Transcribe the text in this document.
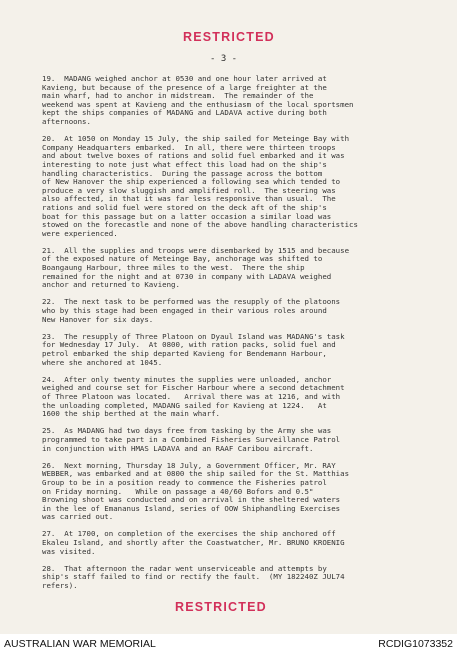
RESTRICTED
- 3 -

19.  MADANG weighed anchor at 0530 and one hour later arrived at
Kavieng, but because of the presence of a large freighter at the
main wharf, had to anchor in midstream.  The remainder of the
weekend was spent at Kavieng and the enthusiasm of the local sportsmen
kept the ships companies of MADANG and LADAVA active during both
afternoons.

20.  At 1050 on Monday 15 July, the ship sailed for Meteinge Bay with
Company Headquarters embarked.  In all, there were thirteen troops
and about twelve boxes of rations and solid fuel embarked and it was
interesting to note just what effect this load had on the ship's
handling characteristics.  During the passage across the bottom
of New Hanover the ship experienced a following sea which tended to
produce a very slow sluggish and amplified roll.  The steering was
also affected, in that it was far less responsive than usual.  The
rations and solid fuel were stored on the deck aft of the ship's
boat for this passage but on a latter occasion a similar load was
stowed on the forecastle and none of the above handling characteristics
were experienced.

21.  All the supplies and troops were disembarked by 1515 and because
of the exposed nature of Meteinge Bay, anchorage was shifted to
Boangaung Harbour, three miles to the west.  There the ship
remained for the night and at 0730 in company with LADAVA weighed
anchor and returned to Kavieng.

22.  The next task to be performed was the resupply of the platoons
who by this stage had been engaged in their various roles around
New Hanover for six days.

23.  The resupply of Three Platoon on Dyaul Island was MADANG's task
for Wednesday 17 July.  At 0800, with ration packs, solid fuel and
petrol embarked the ship departed Kavieng for Bendemann Harbour,
where she anchored at 1045.

24.  After only twenty minutes the supplies were unloaded, anchor
weighed and course set for Fischer Harbour where a second detachment
of Three Platoon was located.   Arrival there was at 1216, and with
the unloading completed, MADANG sailed for Kavieng at 1224.   At
1600 the ship berthed at the main wharf.

25.  As MADANG had two days free from tasking by the Army she was
programmed to take part in a Combined Fisheries Surveillance Patrol
in conjunction with HMAS LADAVA and an RAAF Caribou aircraft.

26.  Next morning, Thursday 18 July, a Government Officer, Mr. RAY
WEBBER, was embarked and at 0800 the ship sailed for the St. Matthias
Group to be in a position ready to commence the Fisheries patrol
on Friday morning.   While on passage a 40/60 Bofors and 0.5"
Browning shoot was conducted and on arrival in the sheltered waters
in the lee of Emananus Island, series of OOW Shiphandling Exercises
was carried out.

27.  At 1700, on completion of the exercises the ship anchored off
Ekaleu Island, and shortly after the Coastwatcher, Mr. BRUNO KROENIG
was visited.

28.  That afternoon the radar went unserviceable and attempts by
ship's staff failed to find or rectify the fault.  (MY 182240Z JUL74
refers).

RESTRICTED
AUSTRALIAN WAR MEMORIAL	RCDIG1073352
